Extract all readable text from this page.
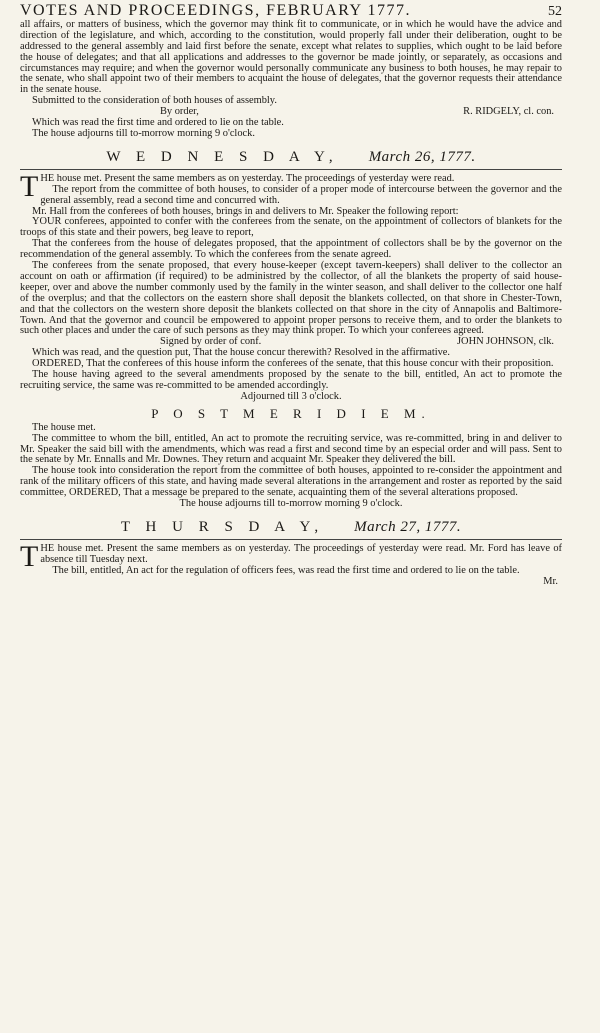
VOTES AND PROCEEDINGS, FEBRUARY 1777.	52

all affairs, or matters of business, which the governor may think fit to communicate, or in which he would have the advice and direction of the legislature, and which, according to the constitution, would properly fall under their deliberation, ought to be addressed to the general assembly and laid first before the senate, except what relates to supplies, which ought to be laid before the house of delegates; and that all applications and addresses to the governor be made jointly, or separately, as occasions and circumstances may require; and when the governor would personally communicate any business to both houses, he may repair to the senate, who shall appoint two of their members to acquaint the house of delegates, that the governor requests their attendance in the senate house.

Submitted to the consideration of both houses of assembly.

By order,	R. RIDGELY, cl. con.

Which was read the first time and ordered to lie on the table.

The house adjourns till to-morrow morning 9 o'clock.

W E D N E S D A Y, March 26, 1777.

THE house met. Present the same members as on yesterday. The proceedings of yesterday were read.

The report from the committee of both houses, to consider of a proper mode of intercourse between the governor and the general assembly, read a second time and concurred with.

Mr. Hall from the conferees of both houses, brings in and delivers to Mr. Speaker the following report:

YOUR conferees, appointed to confer with the conferees from the senate, on the appointment of collectors of blankets for the troops of this state and their powers, beg leave to report,

That the conferees from the house of delegates proposed, that the appointment of collectors shall be by the governor on the recommendation of the general assembly. To which the conferees from the senate agreed.

The conferees from the senate proposed, that every house-keeper (except tavern-keepers) shall deliver to the collector an account on oath or affirmation (if required) to be administred by the collector, of all the blankets the property of said house-keeper, over and above the number commonly used by the family in the winter season, and shall deliver to the collector one half of the overplus; and that the collectors on the eastern shore shall deposit the blankets collected, on that shore in Chester-Town, and that the collectors on the western shore deposit the blankets collected on that shore in the city of Annapolis and Baltimore-Town. And that the governor and council be empowered to appoint proper persons to receive them, and to order the blankets to such other places and under the care of such persons as they may think proper. To which your conferees agreed.

Signed by order of conf.	JOHN JOHNSON, clk.

Which was read, and the question put, That the house concur therewith? Resolved in the affirmative.

ORDERED, That the conferees of this house inform the conferees of the senate, that this house concur with their proposition.

The house having agreed to the several amendments proposed by the senate to the bill, entitled, An act to promote the recruiting service, the same was re-committed to be amended accordingly.

Adjourned till 3 o'clock.

P O S T M E R I D I E M.

The house met.

The committee to whom the bill, entitled, An act to promote the recruiting service, was re-committed, bring in and deliver to Mr. Speaker the said bill with the amendments, which was read a first and second time by an especial order and will pass. Sent to the senate by Mr. Ennalls and Mr. Downes. They return and acquaint Mr. Speaker they delivered the bill.

The house took into consideration the report from the committee of both houses, appointed to re-consider the appointment and rank of the military officers of this state, and having made several alterations in the arrangement and roster as reported by the said committee, ORDERED, That a message be prepared to the senate, acquainting them of the several alterations proposed.

The house adjourns till to-morrow morning 9 o'clock.

T H U R S D A Y, March 27, 1777.

THE house met. Present the same members as on yesterday. The proceedings of yesterday were read. Mr. Ford has leave of absence till Tuesday next.

The bill, entitled, An act for the regulation of officers fees, was read the first time and ordered to lie on the table.

Mr.
